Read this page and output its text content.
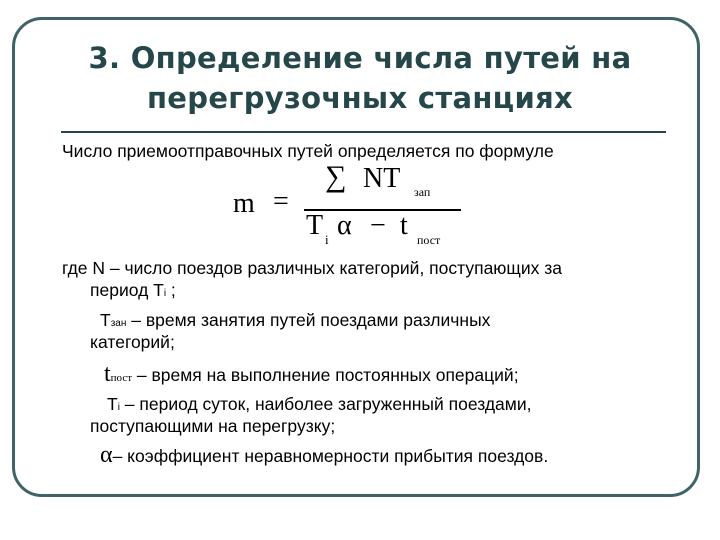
3. Определение числа путей на
перегрузочных станциях
Число приемоотправочных путей определяется по формуле
m =
∑ NT зап
T i α − t пост
где N – число поездов различных категорий, поступающих за
период Ti ;
Tзан – время занятия путей поездами различных
категорий;
tпост – время на выполнение постоянных операций;
Ti – период суток, наиболее загруженный поездами,
поступающими на перегрузку;
α– коэффициент неравномерности прибытия поездов.
